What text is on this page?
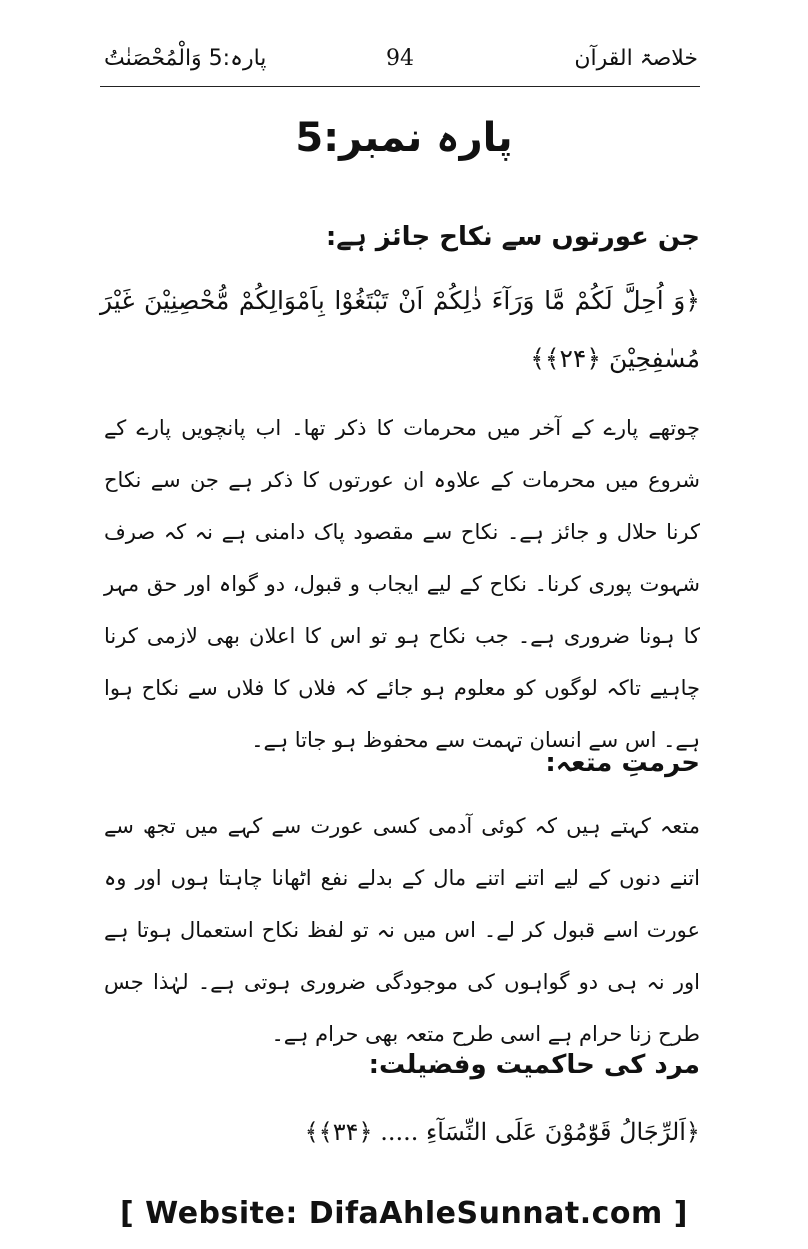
خلاصۃ القرآن
94
پارہ:5 وَالْمُحْصَنٰتُ
پارہ نمبر:5
جن عورتوں سے نکاح جائز ہے:
﴿وَ اُحِلَّ لَكُمْ مَّا وَرَآءَ ذٰلِكُمْ اَنْ تَبْتَغُوْا بِاَمْوَالِكُمْ مُّحْصِنِيْنَ غَيْرَ مُسٰفِحِيْنَ ﴿۲۴﴾﴾
چوتھے پارے کے آخر میں محرمات کا ذکر تھا۔ اب پانچویں پارے کے شروع میں محرمات کے علاوہ ان عورتوں کا ذکر ہے جن سے نکاح کرنا حلال و جائز ہے۔ نکاح سے مقصود پاک دامنی ہے نہ کہ صرف شہوت پوری کرنا۔ نکاح کے لیے ایجاب و قبول، دو گواہ اور حق مہر کا ہونا ضروری ہے۔ جب نکاح ہو تو اس کا اعلان بھی لازمی کرنا چاہیے تاکہ لوگوں کو معلوم ہو جائے کہ فلاں کا فلاں سے نکاح ہوا ہے۔ اس سے انسان تہمت سے محفوظ ہو جاتا ہے۔
حرمتِ متعہ:
متعہ کہتے ہیں کہ کوئی آدمی کسی عورت سے کہے میں تجھ سے اتنے دنوں کے لیے اتنے اتنے مال کے بدلے نفع اٹھانا چاہتا ہوں اور وہ عورت اسے قبول کر لے۔ اس میں نہ تو لفظ نکاح استعمال ہوتا ہے اور نہ ہی دو گواہوں کی موجودگی ضروری ہوتی ہے۔ لہٰذا جس طرح زنا حرام ہے اسی طرح متعہ بھی حرام ہے۔
مرد کی حاکمیت وفضیلت:
﴿اَلرِّجَالُ قَوّٰمُوْنَ عَلَى النِّسَآءِ ..... ﴿۳۴﴾﴾
[ Website: DifaAhleSunnat.com ]
